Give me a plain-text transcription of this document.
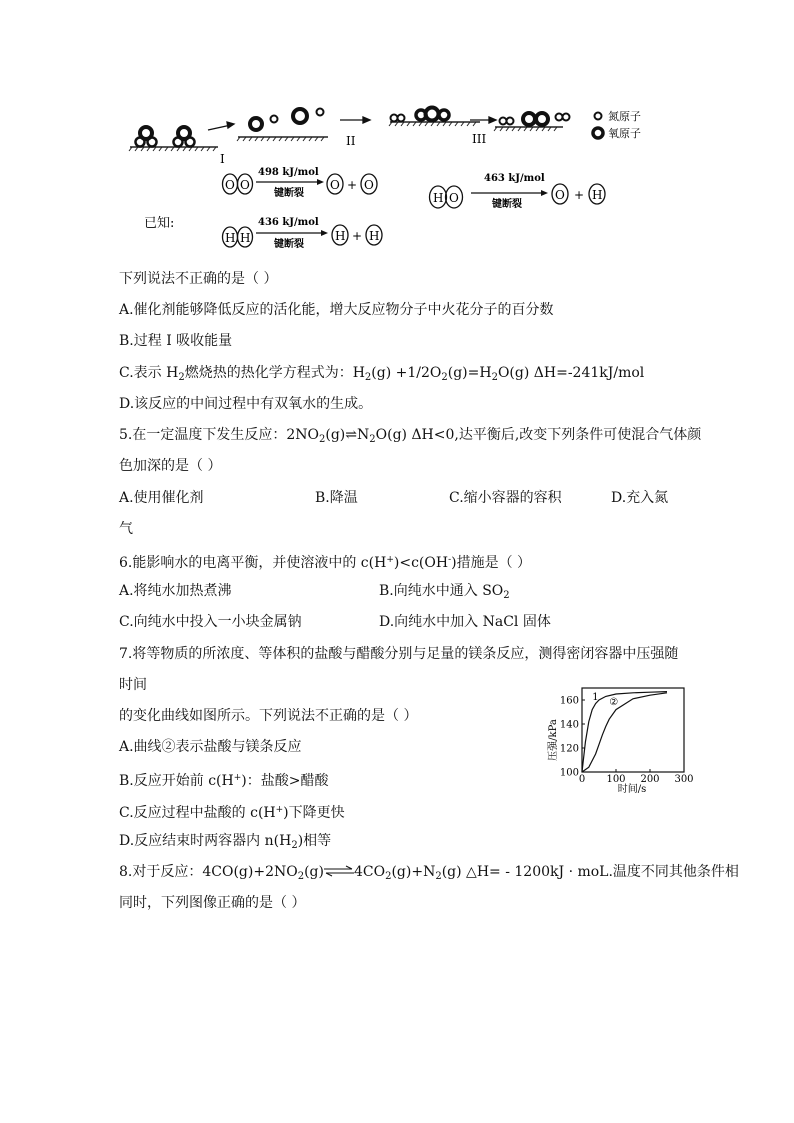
I
II	III
氮原子
氧原子
已知:
O O
498 kJ/mol
键断裂
O + O
H H
436 kJ/mol
键断裂
H + H
H O
463 kJ/mol
键断裂
O + H
下列说法不正确的是（ ）
A.催化剂能够降低反应的活化能，增大反应物分子中火花分子的百分数
B.过程 I 吸收能量
C.表示 $H_2$燃烧热的热化学方程式为：$H_2(g) +1/2O_2(g)=H_2O(g)$ ΔH=-241kJ/mol
D.该反应的中间过程中有双氧水的生成。
5.在一定温度下发生反应：$2NO_2(g)\rightleftharpoons N_2O(g)$ ΔH<0,达平衡后,改变下列条件可使混合气体颜
色加深的是（ ）
A.使用催化剂	B.降温	C.缩小容器的容积	D.充入氮
气
6.能影响水的电离平衡，并使溶液中的 c(H+)<c(OH-)措施是（ ）
A.将纯水加热煮沸	B.向纯水中通入 $SO_2$
C.向纯水中投入一小块金属钠	D.向纯水中加入 NaCl 固体
7.将等物质的所浓度、等体积的盐酸与醋酸分别与足量的镁条反应，测得密闭容器中压强随
时间
的变化曲线如图所示。下列说法不正确的是（ ）
A.曲线②表示盐酸与镁条反应
B.反应开始前 c(H+)：盐酸>醋酸
C.反应过程中盐酸的 c(H+)下降更快
D.反应结束时两容器内 $n(H_2)$相等
0 100 200 300
100
120
140
160 1 ②
压强/kPa
时间/s
8.对于反应：$4CO(g)+2NO_2(g)\rightleftharpoons 4CO_2(g)+N_2(g)$ △H= - 1200kJ · moL.温度不同其他条件相
同时，下列图像正确的是（ ）
